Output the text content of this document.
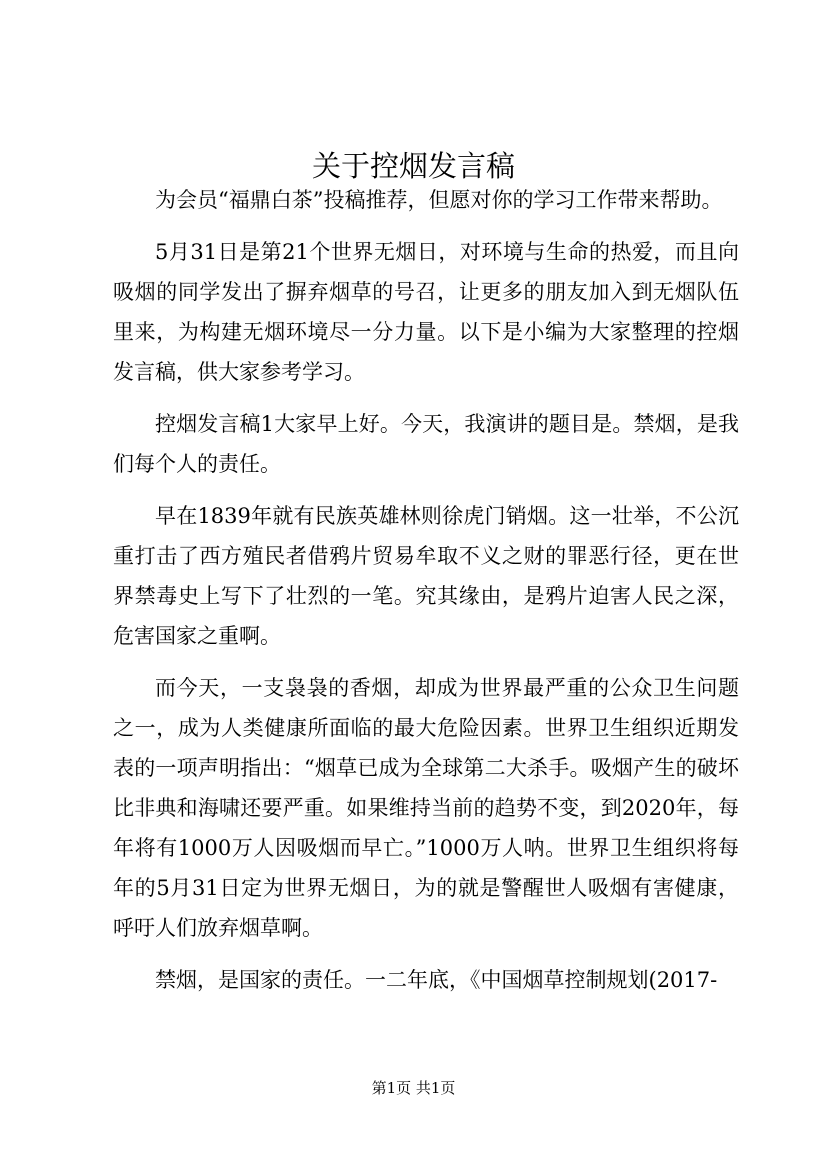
关于控烟发言稿

为会员“福鼎白茶”投稿推荐，但愿对你的学习工作带来帮助。

5月31日是第21个世界无烟日，对环境与生命的热爱，而且向吸烟的同学发出了摒弃烟草的号召，让更多的朋友加入到无烟队伍里来，为构建无烟环境尽一分力量。以下是小编为大家整理的控烟发言稿，供大家参考学习。

控烟发言稿1大家早上好。今天，我演讲的题目是。禁烟，是我们每个人的责任。

早在1839年就有民族英雄林则徐虎门销烟。这一壮举，不公沉重打击了西方殖民者借鸦片贸易牟取不义之财的罪恶行径，更在世界禁毒史上写下了壮烈的一笔。究其缘由，是鸦片迫害人民之深，危害国家之重啊。

而今天，一支袅袅的香烟，却成为世界最严重的公众卫生问题之一，成为人类健康所面临的最大危险因素。世界卫生组织近期发表的一项声明指出：“烟草已成为全球第二大杀手。吸烟产生的破坏比非典和海啸还要严重。如果维持当前的趋势不变，到2020年，每年将有1000万人因吸烟而早亡。”1000万人呐。世界卫生组织将每年的5月31日定为世界无烟日，为的就是警醒世人吸烟有害健康，呼吁人们放弃烟草啊。

禁烟，是国家的责任。一二年底，《中国烟草控制规划(2017-

第1页 共1页
